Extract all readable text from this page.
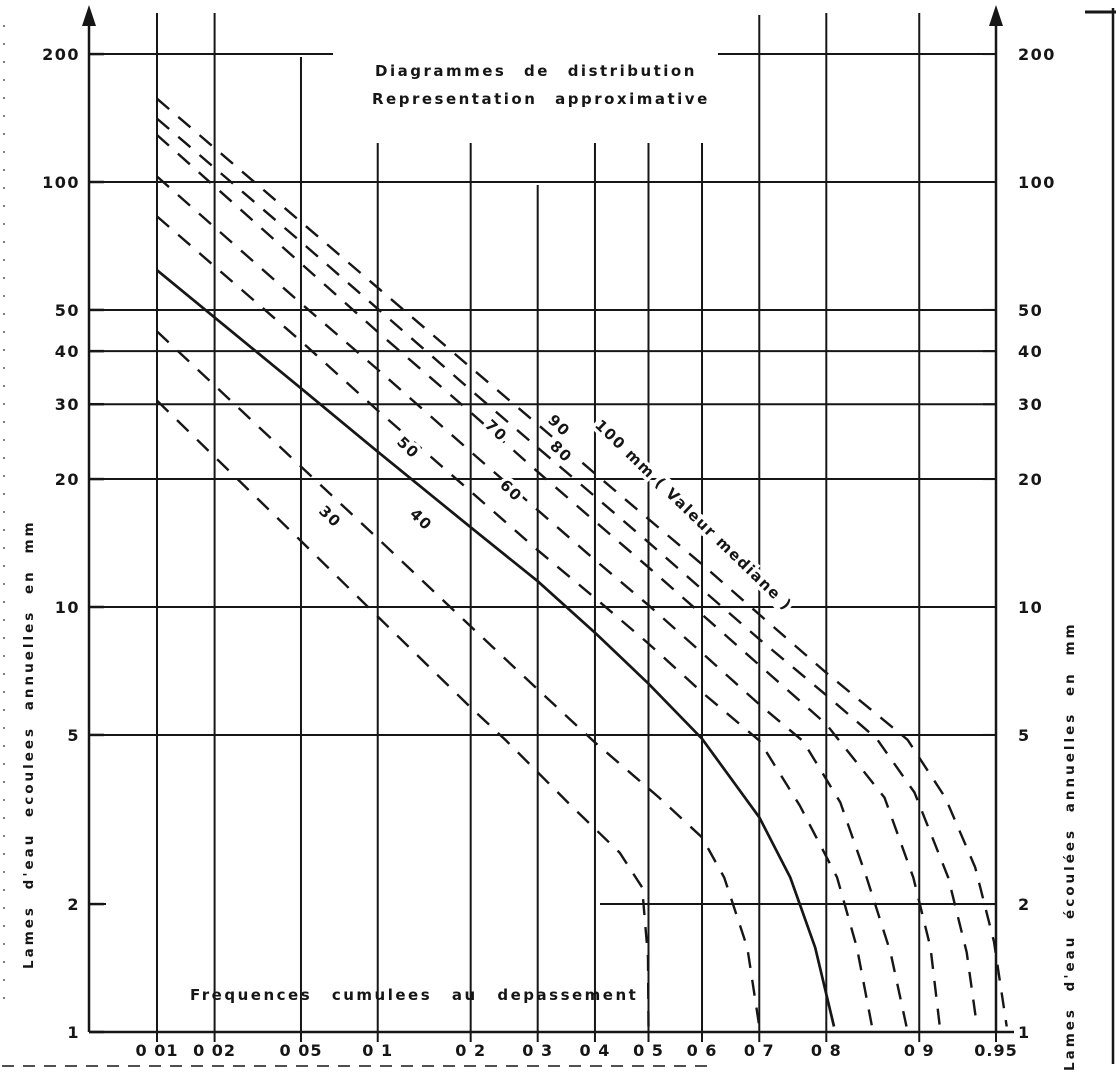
30	40
50
60
70
80
90 100 mm ( Valeur mediane )
0 01 0 02	0 05 0 1	0 2 0 3 0 4 0 5 0 6 0 7 0 8	0 9 0.95
200
100
50
40
30
20
10
5
2
1
200
100
50
40
30
20
10
5
2
1
Diagrammes de distribution
Representation approximative
Frequences cumulees au depassement
Lames d'eau ecoulees annuelles en mm	Lames d'eau écoulées annuelles en mm
